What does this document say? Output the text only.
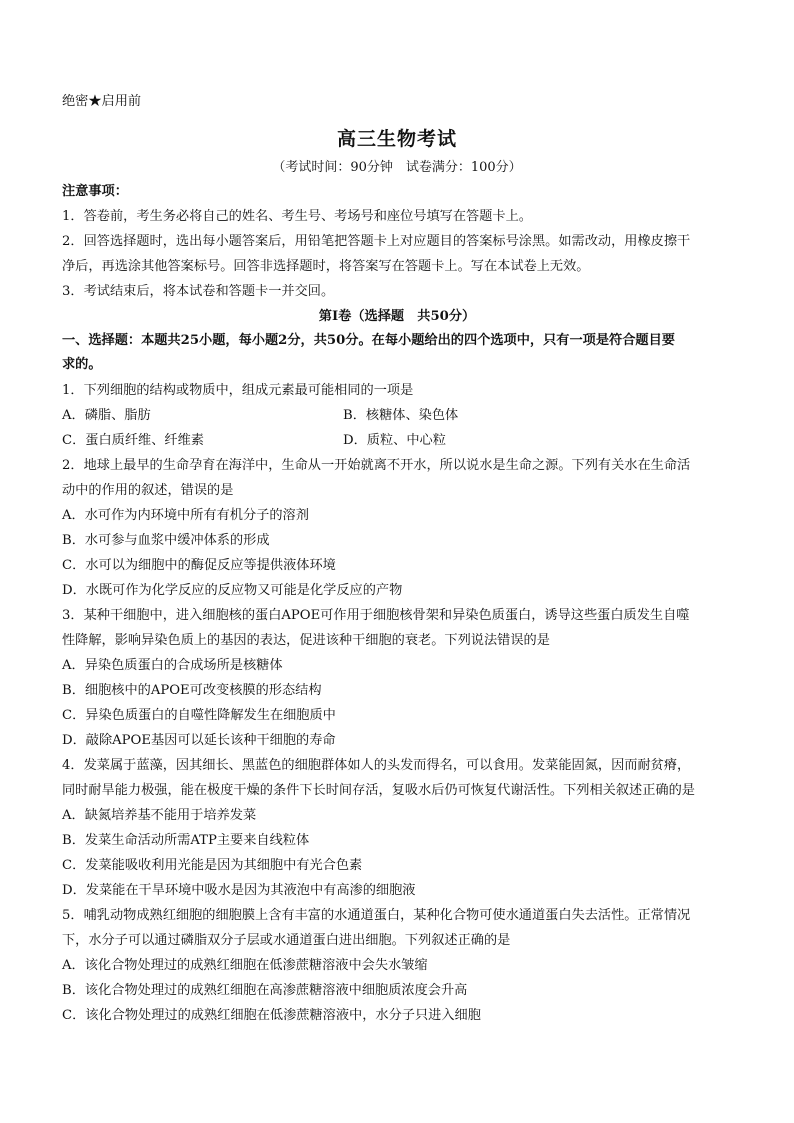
绝密★启用前
高三生物考试
（考试时间：90分钟　试卷满分：100分）
注意事项：
1．答卷前，考生务必将自己的姓名、考生号、考场号和座位号填写在答题卡上。
2．回答选择题时，选出每小题答案后，用铅笔把答题卡上对应题目的答案标号涂黑。如需改动，用橡皮擦干
净后，再选涂其他答案标号。回答非选择题时，将答案写在答题卡上。写在本试卷上无效。
3．考试结束后，将本试卷和答题卡一并交回。
第Ⅰ卷（选择题　共50分）
一、选择题：本题共25小题，每小题2分，共50分。在每小题给出的四个选项中，只有一项是符合题目要
求的。
1．下列细胞的结构或物质中，组成元素最可能相同的一项是
A．磷脂、脂肪	B．核糖体、染色体
C．蛋白质纤维、纤维素	D．质粒、中心粒
2．地球上最早的生命孕育在海洋中，生命从一开始就离不开水，所以说水是生命之源。下列有关水在生命活
动中的作用的叙述，错误的是
A．水可作为内环境中所有有机分子的溶剂
B．水可参与血浆中缓冲体系的形成
C．水可以为细胞中的酶促反应等提供液体环境
D．水既可作为化学反应的反应物又可能是化学反应的产物
3．某种干细胞中，进入细胞核的蛋白APOE可作用于细胞核骨架和异染色质蛋白，诱导这些蛋白质发生自噬
性降解，影响异染色质上的基因的表达，促进该种干细胞的衰老。下列说法错误的是
A．异染色质蛋白的合成场所是核糖体
B．细胞核中的APOE可改变核膜的形态结构
C．异染色质蛋白的自噬性降解发生在细胞质中
D．敲除APOE基因可以延长该种干细胞的寿命
4．发菜属于蓝藻，因其细长、黑蓝色的细胞群体如人的头发而得名，可以食用。发菜能固氮，因而耐贫瘠，
同时耐旱能力极强，能在极度干燥的条件下长时间存活，复吸水后仍可恢复代谢活性。下列相关叙述正确的是
A．缺氮培养基不能用于培养发菜
B．发菜生命活动所需ATP主要来自线粒体
C．发菜能吸收利用光能是因为其细胞中有光合色素
D．发菜能在干旱环境中吸水是因为其液泡中有高渗的细胞液
5．哺乳动物成熟红细胞的细胞膜上含有丰富的水通道蛋白，某种化合物可使水通道蛋白失去活性。正常情况
下，水分子可以通过磷脂双分子层或水通道蛋白进出细胞。下列叙述正确的是
A．该化合物处理过的成熟红细胞在低渗蔗糖溶液中会失水皱缩
B．该化合物处理过的成熟红细胞在高渗蔗糖溶液中细胞质浓度会升高
C．该化合物处理过的成熟红细胞在低渗蔗糖溶液中，水分子只进入细胞
